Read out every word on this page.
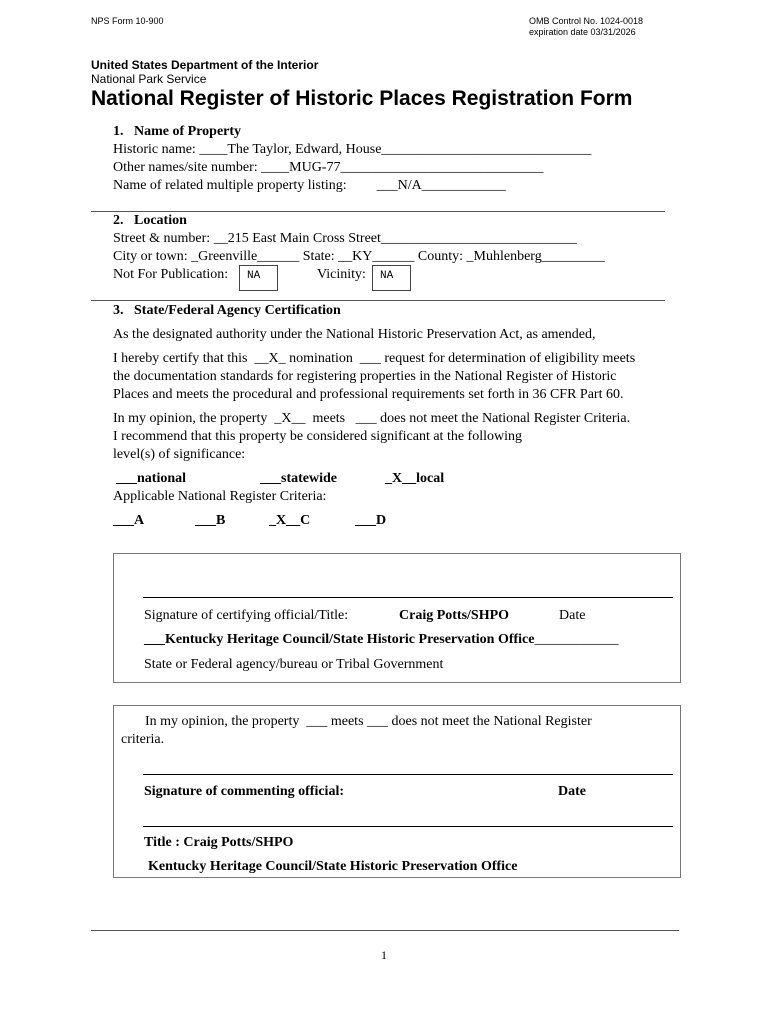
NPS Form 10-900	OMB Control No. 1024-0018
expiration date 03/31/2026
United States Department of the Interior
National Park Service
National Register of Historic Places Registration Form
1.   Name of Property
Historic name: ____The Taylor, Edward, House______________________________
Other names/site number: ____MUG-77_____________________________
Name of related multiple property listing: ___N/A____________
2.   Location
Street & number: __215 East Main Cross Street____________________________
City or town: _Greenville______ State: __KY______ County: _Muhlenberg_________
Not For Publication:	NA	Vicinity:	NA
3.   State/Federal Agency Certification
As the designated authority under the National Historic Preservation Act, as amended,
I hereby certify that this  __X_ nomination  ___ request for determination of eligibility meets
the documentation standards for registering properties in the National Register of Historic
Places and meets the procedural and professional requirements set forth in 36 CFR Part 60.
In my opinion, the property  _X__  meets   ___ does not meet the National Register Criteria.
I recommend that this property be considered significant at the following
level(s) of significance:
___national	___statewide	_X__local
Applicable National Register Criteria:
___A	___B	_X__C	___D
Signature of certifying official/Title:	Craig Potts/SHPO	Date
___Kentucky Heritage Council/State Historic Preservation Office____________
State or Federal agency/bureau or Tribal Government
In my opinion, the property  ___ meets ___ does not meet the National Register
criteria.
Signature of commenting official:	Date
Title : Craig Potts/SHPO
Kentucky Heritage Council/State Historic Preservation Office
1
